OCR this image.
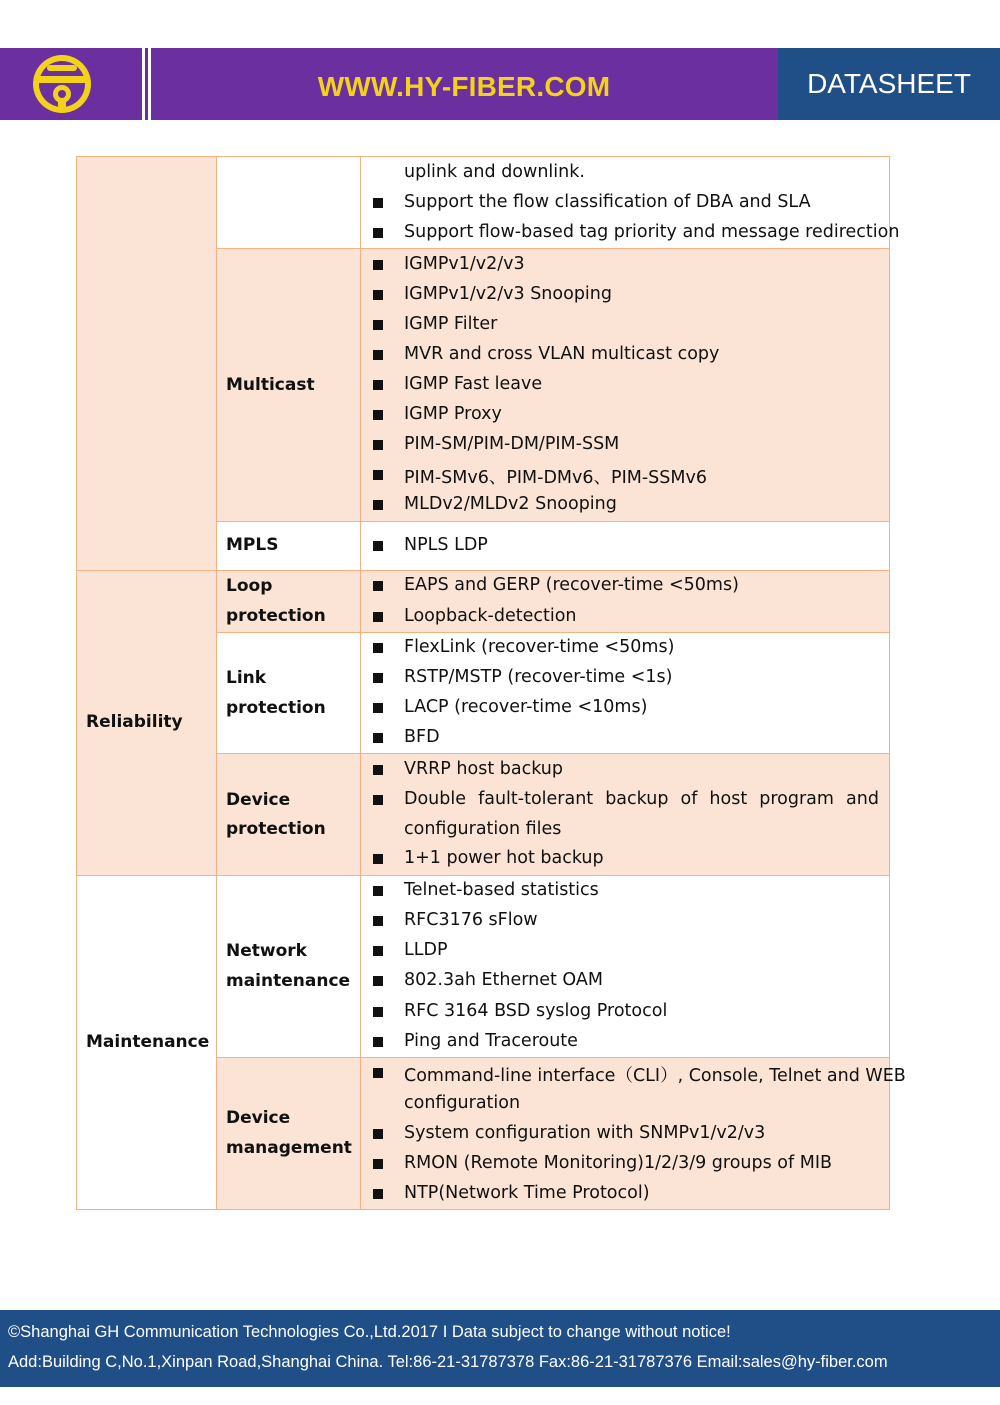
WWW.HY-FIBER.COM	DATASHEET
Reliability
Maintenance
Multicast
MPLS
Loop
protection
Link
protection
Device
protection
Network
maintenance
Device
management
uplink and downlink.
Support the flow classification of DBA and SLA
Support flow-based tag priority and message redirection
IGMPv1/v2/v3
IGMPv1/v2/v3 Snooping
IGMP Filter
MVR and cross VLAN multicast copy
IGMP Fast leave
IGMP Proxy
PIM-SM/PIM-DM/PIM-SSM
PIM-SMv6、PIM-DMv6、PIM-SSMv6
MLDv2/MLDv2 Snooping
NPLS LDP
EAPS and GERP (recover-time <50ms)
Loopback-detection
FlexLink (recover-time <50ms)
RSTP/MSTP (recover-time <1s)
LACP (recover-time <10ms)
BFD
VRRP host backup
Double fault-tolerant backup of host program and
configuration files
1+1 power hot backup
Telnet-based statistics
RFC3176 sFlow
LLDP
802.3ah Ethernet OAM
RFC 3164 BSD syslog Protocol
Ping and Traceroute
Command-line interface（CLI）, Console, Telnet and WEB
configuration
System configuration with SNMPv1/v2/v3
RMON (Remote Monitoring)1/2/3/9 groups of MIB
NTP(Network Time Protocol)
©Shanghai GH Communication Technologies Co.,Ltd.2017 I Data subject to change without notice!
Add:Building C,No.1,Xinpan Road,Shanghai China. Tel:86-21-31787378 Fax:86-21-31787376 Email:sales@hy-fiber.com
